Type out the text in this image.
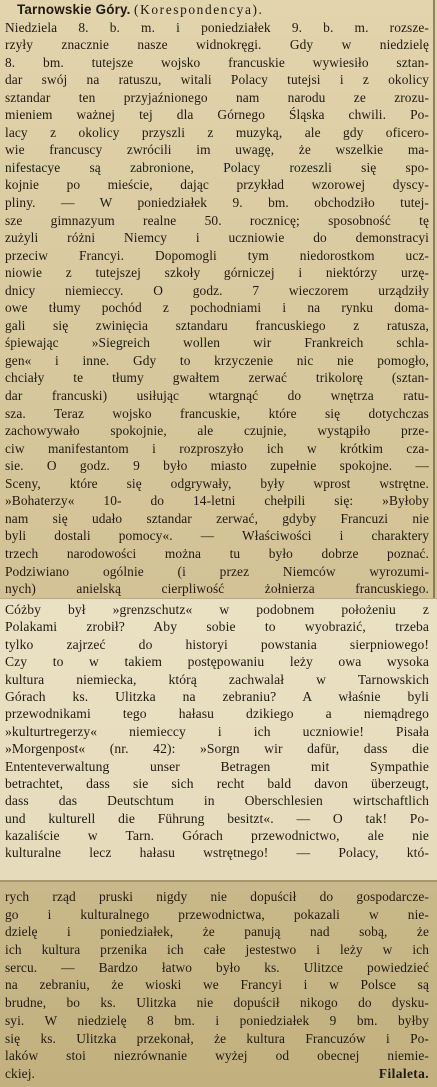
Tarnowskie Góry. (Korespondencya).
Niedziela 8. b. m. i poniedziałek 9. b. m. rozsze-
rzyły znacznie nasze widnokręgi. Gdy w niedzielę
8. bm. tutejsze wojsko francuskie wywiesiło sztan-
dar swój na ratuszu, witali Polacy tutejsi i z okolicy
sztandar ten przyjaźnionego nam narodu ze zrozu-
mieniem ważnej tej dla Górnego Śląska chwili. Po-
lacy z okolicy przyszli z muzyką, ale gdy oficero-
wie francuscy zwrócili im uwagę, że wszelkie ma-
nifestacye są zabronione, Polacy rozeszli się spo-
kojnie po mieście, dając przykład wzorowej dyscy-
pliny. — W poniedziałek 9. bm. obchodziło tutej-
sze gimnazyum realne 50. rocznicę; sposobność tę
zużyli różni Niemcy i uczniowie do demonstracyi
przeciw Francyi. Dopomogli tym niedorostkom ucz-
niowie z tutejszej szkoły górniczej i niektórzy urzę-
dnicy niemieccy. O godz. 7 wieczorem urządziły
owe tłumy pochód z pochodniami i na rynku doma-
gali się zwinięcia sztandaru francuskiego z ratusza,
śpiewając »Siegreich wollen wir Frankreich schla-
gen« i inne. Gdy to krzyczenie nic nie pomogło,
chciały te tłumy gwałtem zerwać trikolorę (sztan-
dar francuski) usiłując wtargnąć do wnętrza ratu-
sza. Teraz wojsko francuskie, które się dotychczas
zachowywało spokojnie, ale czujnie, wystąpiło prze-
ciw manifestantom i rozproszyło ich w krótkim cza-
sie. O godz. 9 było miasto zupełnie spokojne. —
Sceny, które się odgrywały, były wprost wstrętne.
»Bohaterzy« 10- do 14-letni chełpili się: »Byłoby
nam się udało sztandar zerwać, gdyby Francuzi nie
byli dostali pomocy«. — Właściwości i charaktery
trzech narodowości można tu było dobrze poznać.
Podziwiano ogólnie (i przez Niemców wyrozumi-
nych) anielską cierpliwość żołnierza francuskiego.
Cóżby był »grenzschutz« w podobnem położeniu z
Polakami zrobił? Aby sobie to wyobrazić, trzeba
tylko zajrzeć do historyi powstania sierpniowego!
Czy to w takiem postępowaniu leży owa wysoka
kultura niemiecka, którą zachwalał w Tarnowskich
Górach ks. Ulitzka na zebraniu? A właśnie byli
przewodnikami tego hałasu dzikiego a niemądrego
»kulturtregerzy« niemieccy i ich uczniowie! Pisała
»Morgenpost« (nr. 42): »Sorgn wir dafür, dass die
Ententeverwaltung unser Betragen mit Sympathie
betrachtet, dass sie sich recht bald davon überzeugt,
dass das Deutschtum in Oberschlesien wirtschaftlich
und kulturell die Führung besitzt«. — O tak! Po-
kazaliście w Tarn. Górach przewodnictwo, ale nie
kulturalne lecz hałasu wstrętnego! — Polacy, któ-
rych rząd pruski nigdy nie dopuścił do gospodarcze-
go i kulturalnego przewodnictwa, pokazali w nie-
dzielę i poniedziałek, że panują nad sobą, że
ich kultura przenika ich całe jestestwo i leży w ich
sercu. — Bardzo łatwo było ks. Ulitzce powiedzieć
na zebraniu, że wioski we Francyi i w Polsce są
brudne, bo ks. Ulitzka nie dopuścił nikogo do dysku-
syi. W niedzielę 8 bm. i poniedziałek 9 bm. byłby
się ks. Ulitzka przekonał, że kultura Francuzów i Po-
laków stoi niezrównanie wyżej od obecnej niemie-
ckiej.	Filaleta.
